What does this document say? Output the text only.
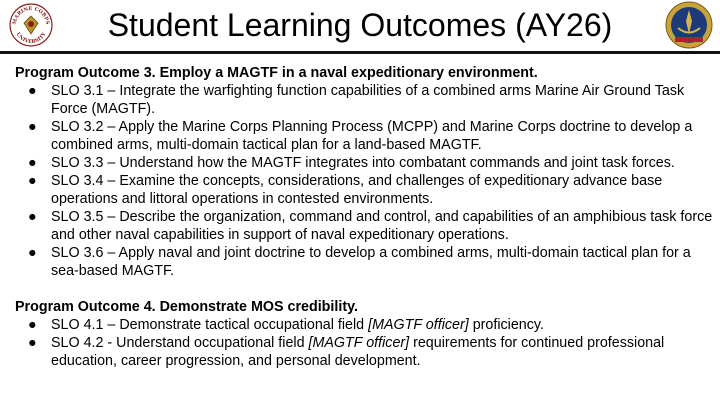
MARINE CORPS
UNIVERSITY	Student Learning Outcomes (AY26)
Program Outcome 3. Employ a MAGTF in a naval expeditionary environment.
● SLO 3.1 – Integrate the warfighting function capabilities of a combined arms Marine Air Ground Task Force (MAGTF).
● SLO 3.2 – Apply the Marine Corps Planning Process (MCPP) and Marine Corps doctrine to develop a combined arms, multi-domain tactical plan for a land-based MAGTF.
● SLO 3.3 – Understand how the MAGTF integrates into combatant commands and joint task forces.
● SLO 3.4 – Examine the concepts, considerations, and challenges of expeditionary advance base operations and littoral operations in contested environments.
● SLO 3.5 – Describe the organization, command and control, and capabilities of an amphibious task force and other naval capabilities in support of naval expeditionary operations.
● SLO 3.6 – Apply naval and joint doctrine to develop a combined arms, multi-domain tactical plan for a sea-based MAGTF.
Program Outcome 4. Demonstrate MOS credibility.
● SLO 4.1 – Demonstrate tactical occupational field [MAGTF officer] proficiency.
● SLO 4.2 - Understand occupational field [MAGTF officer] requirements for continued professional education, career progression, and personal development.
